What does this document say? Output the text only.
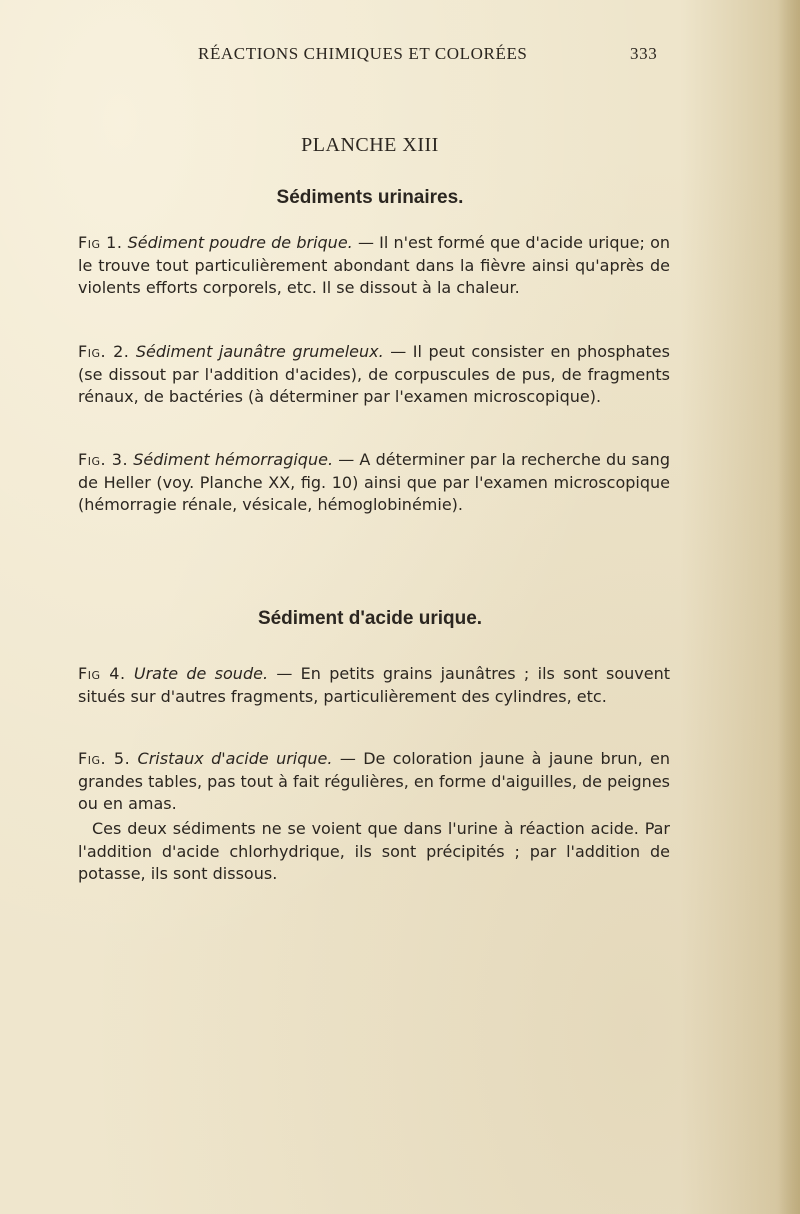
RÉACTIONS CHIMIQUES ET COLORÉES	333
PLANCHE XIII
Sédiments urinaires.
Fig 1. Sédiment poudre de brique. — Il n'est formé que d'acide urique; on le trouve tout particulièrement abondant dans la fièvre ainsi qu'après de violents efforts corporels, etc. Il se dissout à la chaleur.
Fig. 2. Sédiment jaunâtre grumeleux. — Il peut consister en phosphates (se dissout par l'addition d'acides), de corpuscules de pus, de fragments rénaux, de bactéries (à déterminer par l'examen microscopique).
Fig. 3. Sédiment hémorragique. — A déterminer par la recherche du sang de Heller (voy. Planche XX, fig. 10) ainsi que par l'examen microscopique (hémorragie rénale, vésicale, hémoglobinémie).
Sédiment d'acide urique.
Fig 4. Urate de soude. — En petits grains jaunâtres ; ils sont souvent situés sur d'autres fragments, particulièrement des cylindres, etc.
Fig. 5. Cristaux d'acide urique. — De coloration jaune à jaune brun, en grandes tables, pas tout à fait régulières, en forme d'aiguilles, de peignes ou en amas.
Ces deux sédiments ne se voient que dans l'urine à réaction acide. Par l'addition d'acide chlorhydrique, ils sont précipités ; par l'addition de potasse, ils sont dissous.
